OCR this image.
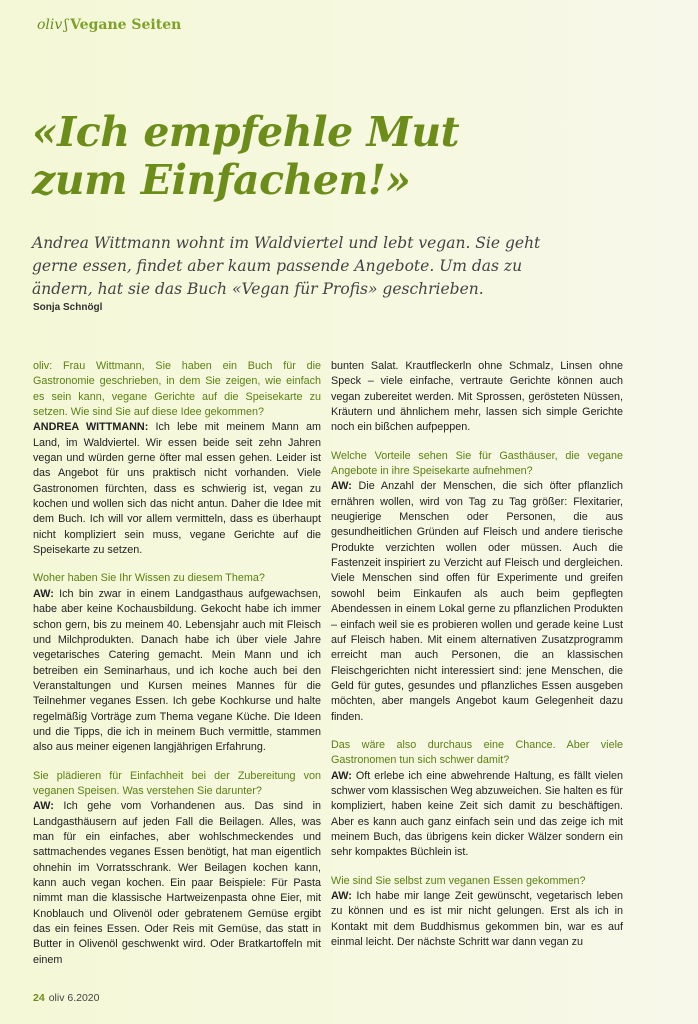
oliv ʃ Vegane Seiten
«Ich empfehle Mut
zum Einfachen!»

Andrea Wittmann wohnt im Waldviertel und lebt vegan. Sie geht gerne essen, findet aber kaum passende Angebote. Um das zu ändern, hat sie das Buch «Vegan für Profis» geschrieben.

Sonja Schnögl

oliv: Frau Wittmann, Sie haben ein Buch für die Gastronomie geschrieben, in dem Sie zeigen, wie einfach es sein kann, vegane Gerichte auf die Speisekarte zu setzen. Wie sind Sie auf diese Idee gekommen?

ANDREA WITTMANN: Ich lebe mit meinem Mann am Land, im Waldviertel. Wir essen beide seit zehn Jahren vegan und würden gerne öfter mal essen gehen. Leider ist das Angebot für uns praktisch nicht vorhanden. Viele Gastronomen fürchten, dass es schwierig ist, vegan zu kochen und wollen sich das nicht antun. Daher die Idee mit dem Buch. Ich will vor allem vermitteln, dass es überhaupt nicht kompliziert sein muss, vegane Gerichte auf die Speisekarte zu setzen.

Woher haben Sie Ihr Wissen zu diesem Thema?

AW: Ich bin zwar in einem Landgasthaus aufgewachsen, habe aber keine Kochausbildung. Gekocht habe ich immer schon gern, bis zu meinem 40. Lebensjahr auch mit Fleisch und Milchprodukten. Danach habe ich über viele Jahre vegetarisches Catering gemacht. Mein Mann und ich betreiben ein Seminarhaus, und ich koche auch bei den Veranstaltungen und Kursen meines Mannes für die Teilnehmer veganes Essen. Ich gebe Kochkurse und halte regelmäßig Vorträge zum Thema vegane Küche. Die Ideen und die Tipps, die ich in meinem Buch vermittle, stammen also aus meiner eigenen langjährigen Erfahrung.

Sie plädieren für Einfachheit bei der Zubereitung von veganen Speisen. Was verstehen Sie darunter?

AW: Ich gehe vom Vorhandenen aus. Das sind in Landgasthäusern auf jeden Fall die Beilagen. Alles, was man für ein einfaches, aber wohlschmeckendes und sattmachendes veganes Essen benötigt, hat man eigentlich ohnehin im Vorratsschrank. Wer Beilagen kochen kann, kann auch vegan kochen. Ein paar Beispiele: Für Pasta nimmt man die klassische Hartweizenpasta ohne Eier, mit Knoblauch und Olivenöl oder gebratenem Gemüse ergibt das ein feines Essen. Oder Reis mit Gemüse, das statt in Butter in Olivenöl geschwenkt wird. Oder Bratkartoffeln mit einem

bunten Salat. Krautfleckerln ohne Schmalz, Linsen ohne Speck – viele einfache, vertraute Gerichte können auch vegan zubereitet werden. Mit Sprossen, gerösteten Nüssen, Kräutern und ähnlichem mehr, lassen sich simple Gerichte noch ein bißchen aufpeppen.

Welche Vorteile sehen Sie für Gasthäuser, die vegane Angebote in ihre Speisekarte aufnehmen?

AW: Die Anzahl der Menschen, die sich öfter pflanzlich ernähren wollen, wird von Tag zu Tag größer: Flexitarier, neugierige Menschen oder Personen, die aus gesundheitlichen Gründen auf Fleisch und andere tierische Produkte verzichten wollen oder müssen. Auch die Fastenzeit inspiriert zu Verzicht auf Fleisch und dergleichen. Viele Menschen sind offen für Experimente und greifen sowohl beim Einkaufen als auch beim gepflegten Abendessen in einem Lokal gerne zu pflanzlichen Produkten – einfach weil sie es probieren wollen und gerade keine Lust auf Fleisch haben. Mit einem alternativen Zusatzprogramm erreicht man auch Personen, die an klassischen Fleischgerichten nicht interessiert sind: jene Menschen, die Geld für gutes, gesundes und pflanzliches Essen ausgeben möchten, aber mangels Angebot kaum Gelegenheit dazu finden.

Das wäre also durchaus eine Chance. Aber viele Gastronomen tun sich schwer damit?

AW: Oft erlebe ich eine abwehrende Haltung, es fällt vielen schwer vom klassischen Weg abzuweichen. Sie halten es für kompliziert, haben keine Zeit sich damit zu beschäftigen. Aber es kann auch ganz einfach sein und das zeige ich mit meinem Buch, das übrigens kein dicker Wälzer sondern ein sehr kompaktes Büchlein ist.

Wie sind Sie selbst zum veganen Essen gekommen?

AW: Ich habe mir lange Zeit gewünscht, vegetarisch leben zu können und es ist mir nicht gelungen. Erst als ich in Kontakt mit dem Buddhismus gekommen bin, war es auf einmal leicht. Der nächste Schritt war dann vegan zu

24 oliv 6.2020
